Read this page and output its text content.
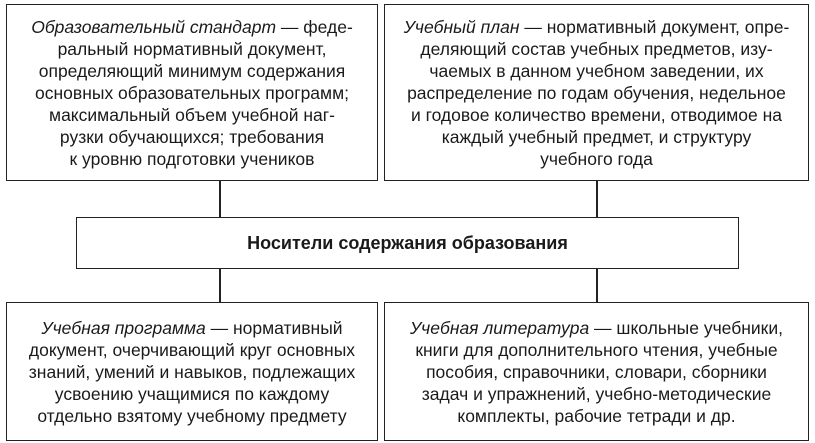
Образовательный стандарт — феде-
ральный нормативный документ,
определяющий минимум содержания
основных образовательных программ;
максимальный объем учебной наг-
рузки обучающихся; требования
к уровню подготовки учеников
Учебный план — нормативный документ, опре-
деляющий состав учебных предметов, изу-
чаемых в данном учебном заведении, их
распределение по годам обучения, недельное
и годовое количество времени, отводимое на
каждый учебный предмет, и структуру
учебного года
Носители содержания образования
Учебная программа — нормативный
документ, очерчивающий круг основных
знаний, умений и навыков, подлежащих
усвоению учащимися по каждому
отдельно взятому учебному предмету
Учебная литература — школьные учебники,
книги для дополнительного чтения, учебные
пособия, справочники, словари, сборники
задач и упражнений, учебно-методические
комплекты, рабочие тетради и др.
